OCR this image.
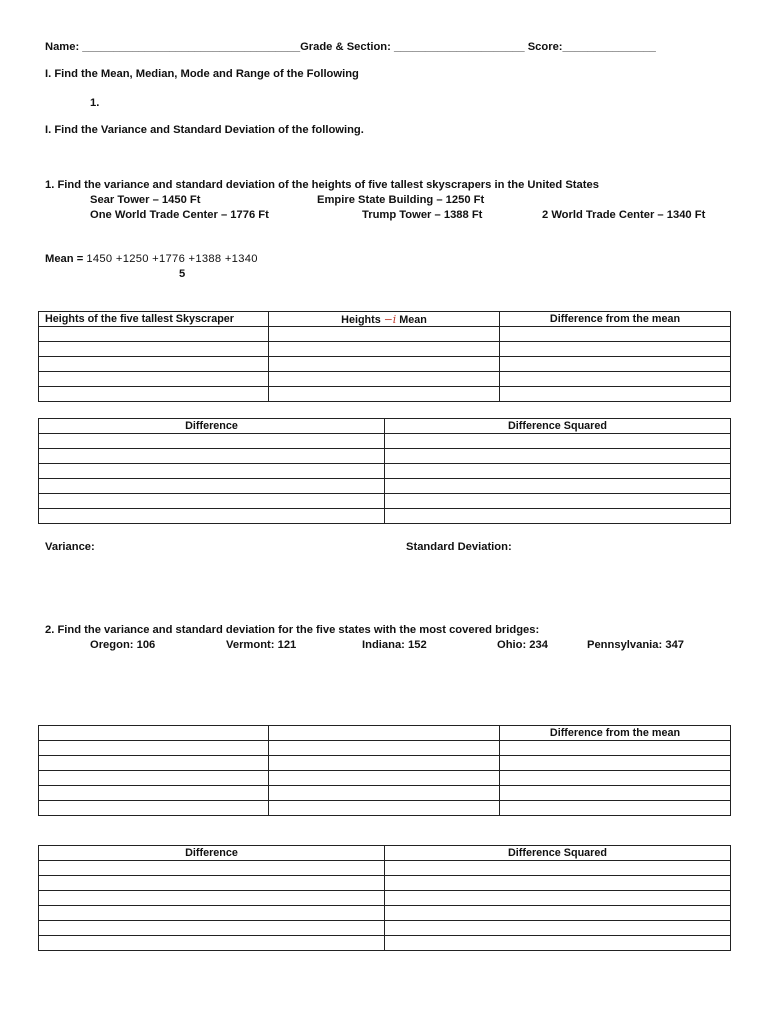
Name: ___________________________________Grade & Section: _____________________ Score:_______________
I. Find the Mean, Median, Mode and Range of the Following
1.
I. Find the Variance and Standard Deviation of the following.
1. Find the variance and standard deviation of the heights of five tallest skyscrapers in the United States
Sear Tower – 1450 Ft	Empire State Building – 1250 Ft
One World Trade Center – 1776 Ft	Trump Tower – 1388 Ft	2 World Trade Center – 1340 Ft
Mean = 1450 +1250 +1776 +1388 +1340
5
Heights of the five tallest Skyscraper	Heights −𝑖 Mean	Difference from the mean

Difference	Difference Squared

Variance:	Standard Deviation:
2. Find the variance and standard deviation for the five states with the most covered bridges:
Oregon: 106	Vermont: 121	Indiana: 152	Ohio: 234	Pennsylvania: 347
		Difference from the mean

Difference	Difference Squared
